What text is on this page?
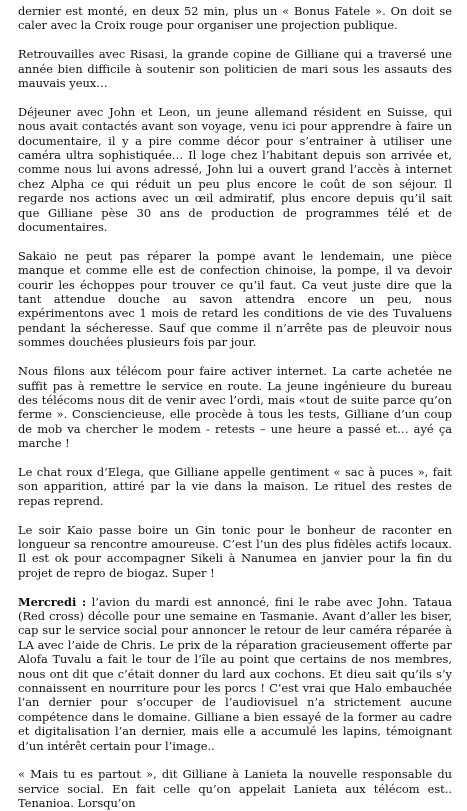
dernier est monté, en deux 52 min, plus un « Bonus Fatele ». On doit se caler avec la Croix rouge pour organiser une projection publique.

Retrouvailles avec Risasi, la grande copine de Gilliane qui a traversé une année bien difficile à soutenir son politicien de mari sous les assauts des mauvais yeux…

Déjeuner avec John et Leon, un jeune allemand résident en Suisse, qui nous avait contactés avant son voyage, venu ici pour apprendre à faire un documentaire, il y a pire comme décor pour s’entrainer à utiliser une caméra ultra sophistiquée… Il loge chez l’habitant depuis son arrivée et, comme nous lui avons adressé, John lui a ouvert grand l’accès à internet chez Alpha ce qui réduit un peu plus encore le coût de son séjour. Il regarde nos actions avec un œil admiratif, plus encore depuis qu’il sait que Gilliane pèse 30 ans de production de programmes télé et de documentaires.

Sakaio ne peut pas réparer la pompe avant le lendemain, une pièce manque et comme elle est de confection chinoise, la pompe, il va devoir courir les échoppes pour trouver ce qu’il faut. Ca veut juste dire que la tant attendue douche au savon attendra encore un peu, nous expérimentons avec 1 mois de retard les conditions de vie des Tuvaluens pendant la sécheresse. Sauf que comme il n’arrête pas de pleuvoir nous sommes douchées plusieurs fois par jour.

Nous filons aux télécom pour faire activer internet. La carte achetée ne suffit pas à remettre le service en route. La jeune ingénieure du bureau des télécoms nous dit de venir avec l’ordi, mais «tout de suite parce qu’on ferme ». Consciencieuse, elle procède à tous les tests, Gilliane d’un coup de mob va chercher le modem - retests – une heure a passé et… ayé ça marche !

Le chat roux d’Elega, que Gilliane appelle gentiment « sac à puces », fait son apparition, attiré par la vie dans la maison. Le rituel des restes de repas reprend.

Le soir Kaio passe boire un Gin tonic pour le bonheur de raconter en longueur sa rencontre amoureuse. C’est l’un des plus fidèles actifs locaux. Il est ok pour accompagner Sikeli à Nanumea en janvier pour la fin du projet de repro de biogaz. Super !

Mercredi : l’avion du mardi est annoncé, fini le rabe avec John. Tataua (Red cross) décolle pour une semaine en Tasmanie. Avant d’aller les biser, cap sur le service social pour annoncer le retour de leur caméra réparée à LA avec l’aide de Chris. Le prix de la réparation gracieusement offerte par Alofa Tuvalu a fait le tour de l’île au point que certains de nos membres, nous ont dit que c’était donner du lard aux cochons. Et dieu sait qu’ils s’y connaissent en nourriture pour les porcs ! C’est vrai que Halo embauchée l’an dernier pour s’occuper de l’audiovisuel n’a strictement aucune compétence dans le domaine. Gilliane a bien essayé de la former au cadre et digitalisation l’an dernier, mais elle a accumulé les lapins, témoignant d’un intérêt certain pour l’image..

« Mais tu es partout », dit Gilliane à Lanieta la nouvelle responsable du service social. En fait celle qu’on appelait Lanieta aux télécom est.. Tenanioa. Lorsqu’on
